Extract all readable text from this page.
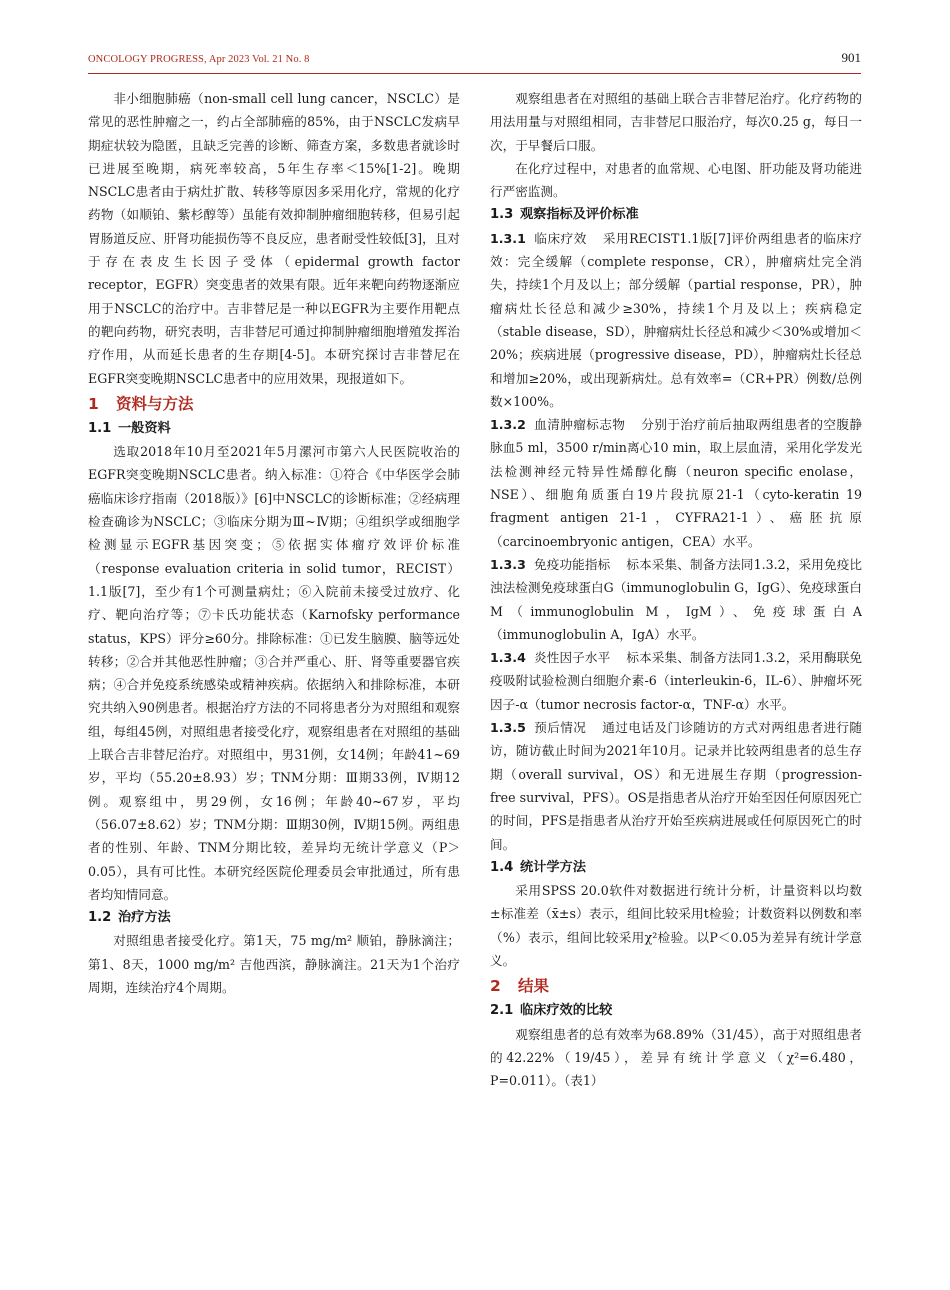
ONCOLOGY PROGRESS, Apr 2023 Vol. 21 No. 8	901

非小细胞肺癌（non-small cell lung cancer，NSCLC）是常见的恶性肿瘤之一，约占全部肺癌的85%，由于NSCLC发病早期症状较为隐匿，且缺乏完善的诊断、筛查方案，多数患者就诊时已进展至晚期，病死率较高，5年生存率＜15%[1-2]。晚期NSCLC患者由于病灶扩散、转移等原因多采用化疗，常规的化疗药物（如顺铂、紫杉醇等）虽能有效抑制肿瘤细胞转移，但易引起胃肠道反应、肝肾功能损伤等不良反应，患者耐受性较低[3]，且对于存在表皮生长因子受体（epidermal growth factor receptor，EGFR）突变患者的效果有限。近年来靶向药物逐渐应用于NSCLC的治疗中。吉非替尼是一种以EGFR为主要作用靶点的靶向药物，研究表明，吉非替尼可通过抑制肿瘤细胞增殖发挥治疗作用，从而延长患者的生存期[4-5]。本研究探讨吉非替尼在EGFR突变晚期NSCLC患者中的应用效果，现报道如下。

1 资料与方法
1.1 一般资料

选取2018年10月至2021年5月漯河市第六人民医院收治的EGFR突变晚期NSCLC患者。纳入标准：①符合《中华医学会肺癌临床诊疗指南（2018版）》[6]中NSCLC的诊断标准；②经病理检查确诊为NSCLC；③临床分期为Ⅲ~Ⅳ期；④组织学或细胞学检测显示EGFR基因突变；⑤依据实体瘤疗效评价标准（response evaluation criteria in solid tumor，RECIST）1.1版[7]，至少有1个可测量病灶；⑥入院前未接受过放疗、化疗、靶向治疗等；⑦卡氏功能状态（Karnofsky performance status，KPS）评分≥60分。排除标准：①已发生脑膜、脑等远处转移；②合并其他恶性肿瘤；③合并严重心、肝、肾等重要器官疾病；④合并免疫系统感染或精神疾病。依据纳入和排除标准，本研究共纳入90例患者。根据治疗方法的不同将患者分为对照组和观察组，每组45例，对照组患者接受化疗，观察组患者在对照组的基础上联合吉非替尼治疗。对照组中，男31例，女14例；年龄41~69岁，平均（55.20±8.93）岁；TNM分期：Ⅲ期33例，Ⅳ期12例。观察组中，男29例，女16例；年龄40~67岁，平均（56.07±8.62）岁；TNM分期：Ⅲ期30例，Ⅳ期15例。两组患者的性别、年龄、TNM分期比较，差异均无统计学意义（P＞0.05），具有可比性。本研究经医院伦理委员会审批通过，所有患者均知情同意。

1.2 治疗方法

对照组患者接受化疗。第1天，75 mg/m² 顺铂，静脉滴注；第1、8天，1000 mg/m² 吉他西滨，静脉滴注。21天为1个治疗周期，连续治疗4个周期。

观察组患者在对照组的基础上联合吉非替尼治疗。化疗药物的用法用量与对照组相同，吉非替尼口服治疗，每次0.25 g，每日一次，于早餐后口服。

在化疗过程中，对患者的血常规、心电图、肝功能及肾功能进行严密监测。

1.3 观察指标及评价标准

1.3.1 临床疗效 采用RECIST1.1版[7]评价两组患者的临床疗效：完全缓解（complete response，CR），肿瘤病灶完全消失，持续1个月及以上；部分缓解（partial response，PR），肿瘤病灶长径总和减少≥30%，持续1个月及以上；疾病稳定（stable disease，SD），肿瘤病灶长径总和减少＜30%或增加＜20%；疾病进展（progressive disease，PD），肿瘤病灶长径总和增加≥20%，或出现新病灶。总有效率=（CR+PR）例数/总例数×100%。

1.3.2 血清肿瘤标志物 分别于治疗前后抽取两组患者的空腹静脉血5 ml，3500 r/min离心10 min，取上层血清，采用化学发光法检测神经元特异性烯醇化酶（neuron specific enolase，NSE）、细胞角质蛋白19片段抗原21-1（cyto-keratin 19 fragment antigen 21-1，CYFRA21-1）、癌胚抗原（carcinoembryonic antigen，CEA）水平。

1.3.3 免疫功能指标 标本采集、制备方法同1.3.2，采用免疫比浊法检测免疫球蛋白G（immunoglobulin G，IgG）、免疫球蛋白M（immunoglobulin M，IgM）、免疫球蛋白A（immunoglobulin A，IgA）水平。

1.3.4 炎性因子水平 标本采集、制备方法同1.3.2，采用酶联免疫吸附试验检测白细胞介素-6（interleukin-6，IL-6）、肿瘤坏死因子-α（tumor necrosis factor-α，TNF-α）水平。

1.3.5 预后情况 通过电话及门诊随访的方式对两组患者进行随访，随访截止时间为2021年10月。记录并比较两组患者的总生存期（overall survival，OS）和无进展生存期（progression-free survival，PFS）。OS是指患者从治疗开始至因任何原因死亡的时间，PFS是指患者从治疗开始至疾病进展或任何原因死亡的时间。

1.4 统计学方法

采用SPSS 20.0软件对数据进行统计分析，计量资料以均数±标准差（x̄±s）表示，组间比较采用t检验；计数资料以例数和率（%）表示，组间比较采用χ²检验。以P＜0.05为差异有统计学意义。

2 结果
2.1 临床疗效的比较

观察组患者的总有效率为68.89%（31/45），高于对照组患者的42.22%（19/45），差异有统计学意义（χ²=6.480，P=0.011）。（表1）
